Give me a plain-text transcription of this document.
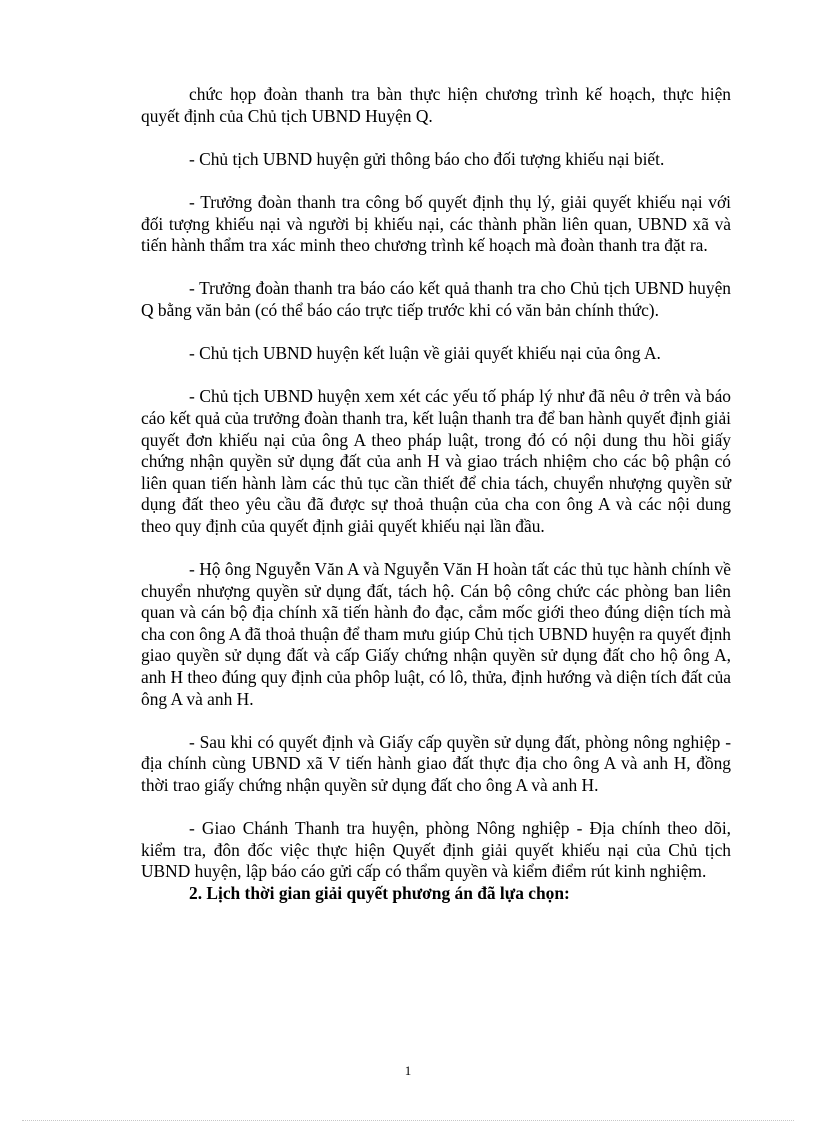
chức họp đoàn thanh tra bàn thực hiện chương trình kế hoạch, thực hiện quyết định của Chủ tịch UBND Huyện Q.

- Chủ tịch UBND huyện gửi thông báo cho đối tượng khiếu nại biết.

- Trưởng đoàn thanh tra công bố quyết định thụ lý, giải quyết khiếu nại với đối tượng khiếu nại và người bị khiếu nại, các thành phần liên quan, UBND xã và tiến hành thẩm tra xác minh theo chương trình kế hoạch mà đoàn thanh tra đặt ra.

- Trưởng đoàn thanh tra báo cáo kết quả thanh tra cho Chủ tịch UBND huyện Q bằng văn bản (có thể báo cáo trực tiếp trước khi có văn bản chính thức).

- Chủ tịch UBND huyện kết luận về giải quyết khiếu nại của ông A.

- Chủ tịch UBND huyện xem xét các yếu tố pháp lý như đã nêu ở trên và báo cáo kết quả của trưởng đoàn thanh tra, kết luận thanh tra để ban hành quyết định giải quyết đơn khiếu nại của ông A theo pháp luật, trong đó có nội dung thu hồi giấy chứng nhận quyền sử dụng đất của anh H và giao trách nhiệm cho các bộ phận có liên quan tiến hành làm các thủ tục cần thiết để chia tách, chuyển nhượng quyền sử dụng đất theo yêu cầu đã được sự thoả thuận của cha con ông A và các nội dung theo quy định của quyết định giải quyết khiếu nại lần đầu.

- Hộ ông Nguyễn Văn A và Nguyễn Văn H hoàn tất các thủ tục hành chính về chuyển nhượng quyền sử dụng đất, tách hộ. Cán bộ công chức các phòng ban liên quan và cán bộ địa chính xã tiến hành đo đạc, cắm mốc giới theo đúng diện tích mà cha con ông A đã thoả thuận để tham mưu giúp Chủ tịch UBND huyện ra quyết định giao quyền sử dụng đất và cấp Giấy chứng nhận quyền sử dụng đất cho hộ ông A, anh H theo đúng quy định của phôp luật, có lô, thửa, định hướng và diện tích đất của ông A và anh H.

- Sau khi có quyết định và Giấy cấp quyền sử dụng đất, phòng nông nghiệp - địa chính cùng UBND xã V tiến hành giao đất thực địa cho ông A và anh H, đồng thời trao giấy chứng nhận quyền sử dụng đất cho ông A và anh H.

- Giao Chánh Thanh tra huyện, phòng Nông nghiệp - Địa chính theo dõi, kiểm tra, đôn đốc việc thực hiện Quyết định giải quyết khiếu nại của Chủ tịch UBND huyện, lập báo cáo gửi cấp có thẩm quyền và kiểm điểm rút kinh nghiệm.

2. Lịch thời gian giải quyết phương án đã lựa chọn:

1
